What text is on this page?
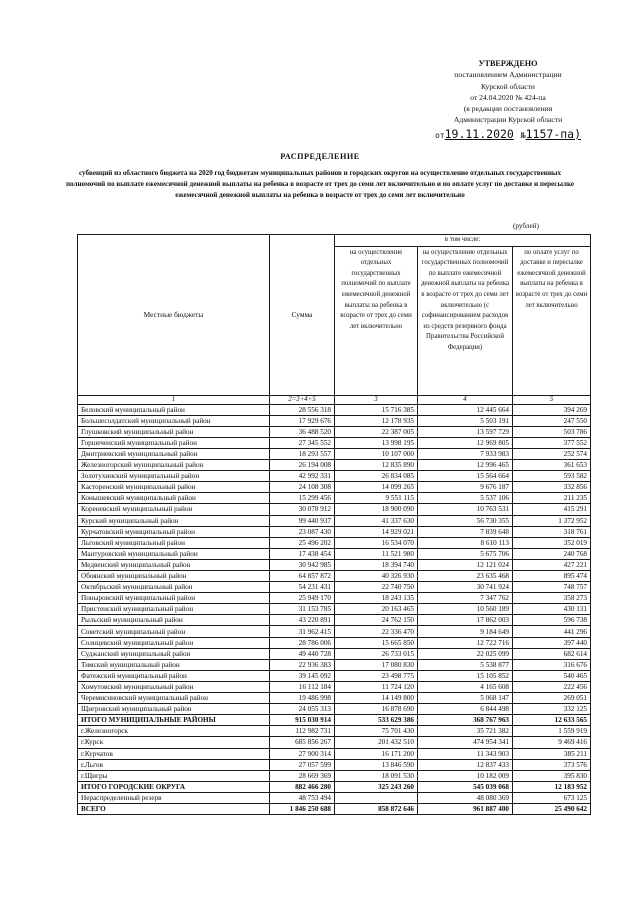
УТВЕРЖДЕНО
постановлением Администрации
Курской области
от 24.04.2020 № 424-па
(в редакции постановления
Администрации Курской области
от19.11.2020 №1157-па)
РАСПРЕДЕЛЕНИЕ
субвенций из областного бюджета на 2020 год бюджетам муниципальных районов и городских округов на осуществление отдельных государственных полномочий по выплате ежемесячной денежной выплаты на ребенка в возрасте от трех до семи лет включительно и по оплате услуг по доставке и пересылке ежемесячной денежной выплаты на ребенка в возрасте от трех до семи лет включительно
(рублей)
Местные бюджеты	Сумма	в том числе:		
		на осуществление отдельных государственных полномочий по выплате ежемесячной денежной выплаты на ребенка в возрасте от трех до семи лет включительно	на осуществление отдельных государственных полномочий по выплате ежемесячной денежной выплаты на ребенка в возрасте от трех до семи лет включительно (с софинансированием расходов из средств резервного фонда Правительства Российской Федерации)	по оплате услуг по доставке и пересылке ежемесячной денежной выплаты на ребенка в возрасте от трех до семи лет включительно
1	2=3+4+5	3	4	5
Беловский муниципальный район	28 556 318	15 716 385	12 445 664	394 269
Большесолдатский муниципальный район	17 929 676	12 178 935	5 503 191	247 550
Глушковский муниципальный район	36 488 520	22 387 005	13 597 729	503 786
Горшеченский муниципальный район	27 345 552	13 998 195	12 969 805	377 552
Дмитриевский муниципальный район	18 293 557	10 107 000	7 933 983	252 574
Железногорский муниципальный район	26 194 008	12 835 890	12 996 465	361 653
Золотухинский муниципальный район	42 992 331	26 834 085	15 564 664	593 582
Касторенский муниципальный район	24 108 308	14 099 265	9 676 187	332 856
Конышевский муниципальный район	15 299 456	9 551 115	5 537 106	211 235
Кореневский муниципальный район	30 078 912	18 900 090	10 763 531	415 291
Курский муниципальный район	99 440 937	41 337 630	56 730 355	1 372 952
Курчатовский муниципальный район	23 087 430	14 929 021	7 839 648	318 761
Льговский муниципальный район	25 496 202	16 534 070	8 610 113	352 019
Мантуровский муниципальный район	17 438 454	11 521 980	5 675 706	240 768
Медвенский муниципальный район	30 942 985	18 394 740	12 121 024	427 221
Обоянский муниципальный район	64 857 872	40 326 930	23 635 468	895 474
Октябрьский муниципальный район	54 231 431	22 740 750	30 741 924	748 757
Поныровский муниципальный район	25 949 170	18 243 135	7 347 762	358 273
Пристенский муниципальный район	31 153 785	20 163 465	10 560 189	430 131
Рыльский муниципальный район	43 220 891	24 762 150	17 862 003	596 738
Советский муниципальный район	31 962 415	22 336 470	9 184 649	441 296
Солнцевский муниципальный район	28 786 006	15 665 850	12 722 716	397 440
Суджанский муниципальный район	49 440 728	26 733 015	22 025 099	682 614
Тимский муниципальный район	22 936 383	17 080 830	5 538 877	316 676
Фатежский муниципальный район	39 145 092	23 498 775	15 105 852	540 465
Хомутовский муниципальный район	16 112 184	11 724 120	4 165 608	222 456
Черемисиновский муниципальный район	19 486 998	14 149 800	5 068 147	269 051
Щигровский муниципальный район	24 055 313	16 878 690	6 844 498	332 125
ИТОГО МУНИЦИПАЛЬНЫЕ РАЙОНЫ	915 030 914	533 629 386	368 767 963	12 633 565
г.Железногорск	112 982 731	75 701 430	35 721 382	1 559 919
г.Курск	685 856 267	201 432 510	474 954 341	9 469 416
г.Курчатов	27 900 314	16 171 200	11 343 903	385 211
г.Льгов	27 057 599	13 846 590	12 837 433	373 576
г.Щигры	28 669 369	18 091 530	10 182 009	395 830
ИТОГО ГОРОДСКИЕ ОКРУГА	882 466 280	325 243 260	545 039 068	12 183 952
Нераспределенный резерв	48 753 494		48 080 369	673 125
ВСЕГО	1 846 250 688	858 872 646	961 887 400	25 490 642
